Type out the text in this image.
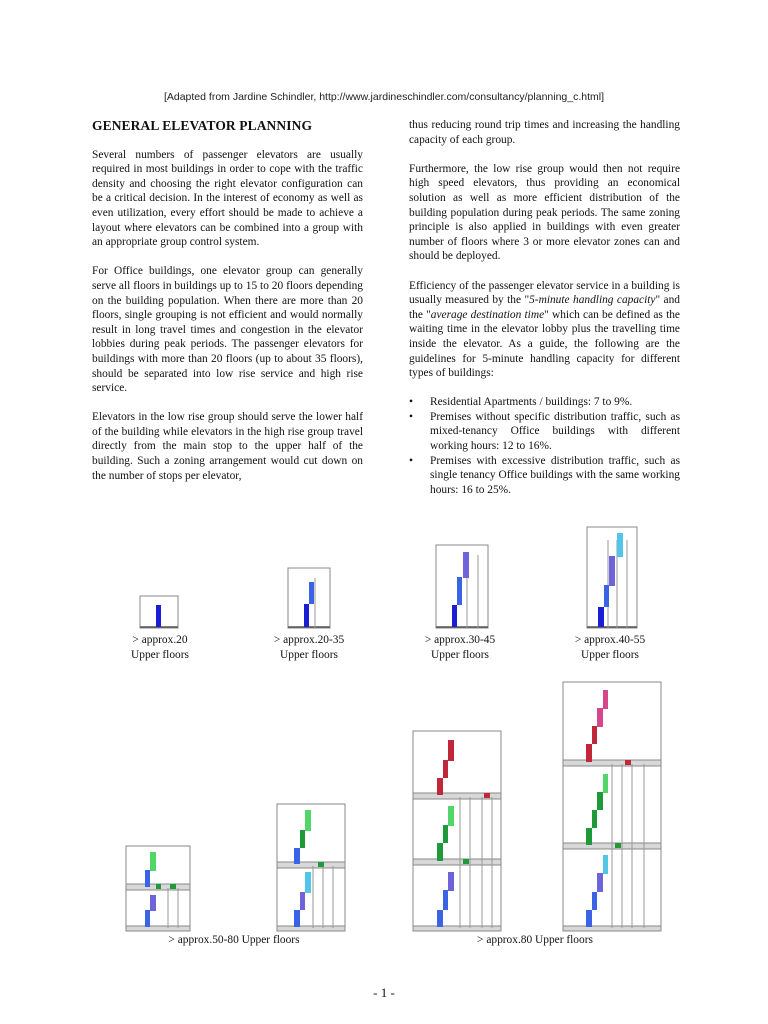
[Adapted from Jardine Schindler, http://www.jardineschindler.com/consultancy/planning_c.html]
GENERAL ELEVATOR PLANNING

Several numbers of passenger elevators are usually required in most buildings in order to cope with the traffic density and choosing the right elevator configuration can be a critical decision. In the interest of economy as well as even utilization, every effort should be made to achieve a layout where elevators can be combined into a group with an appropriate group control system.

For Office buildings, one elevator group can generally serve all floors in buildings up to 15 to 20 floors depending on the building population. When there are more than 20 floors, single grouping is not efficient and would normally result in long travel times and congestion in the elevator lobbies during peak periods. The passenger elevators for buildings with more than 20 floors (up to about 35 floors), should be separated into low rise service and high rise service.

Elevators in the low rise group should serve the lower half of the building while elevators in the high rise group travel directly from the main stop to the upper half of the building. Such a zoning arrangement would cut down on the number of stops per elevator,

thus reducing round trip times and increasing the handling capacity of each group.

Furthermore, the low rise group would then not require high speed elevators, thus providing an economical solution as well as more efficient distribution of the building population during peak periods. The same zoning principle is also applied in buildings with even greater number of floors where 3 or more elevator zones can and should be deployed.

Efficiency of the passenger elevator service in a building is usually measured by the "5-minute handling capacity" and the "average destination time" which can be defined as the waiting time in the elevator lobby plus the travelling time inside the elevator. As a guide, the following are the guidelines for 5-minute handling capacity for different types of buildings:

• Residential Apartments / buildings: 7 to 9%.
• Premises without specific distribution traffic, such as mixed-tenancy Office buildings with different working hours: 12 to 16%.
• Premises with excessive distribution traffic, such as single tenancy Office buildings with the same working hours: 16 to 25%.
> approx.20
Upper floors
> approx.20-35
Upper floors
> approx.30-45
Upper floors
> approx.40-55
Upper floors
> approx.50-80 Upper floors	> approx.80 Upper floors
- 1 -
